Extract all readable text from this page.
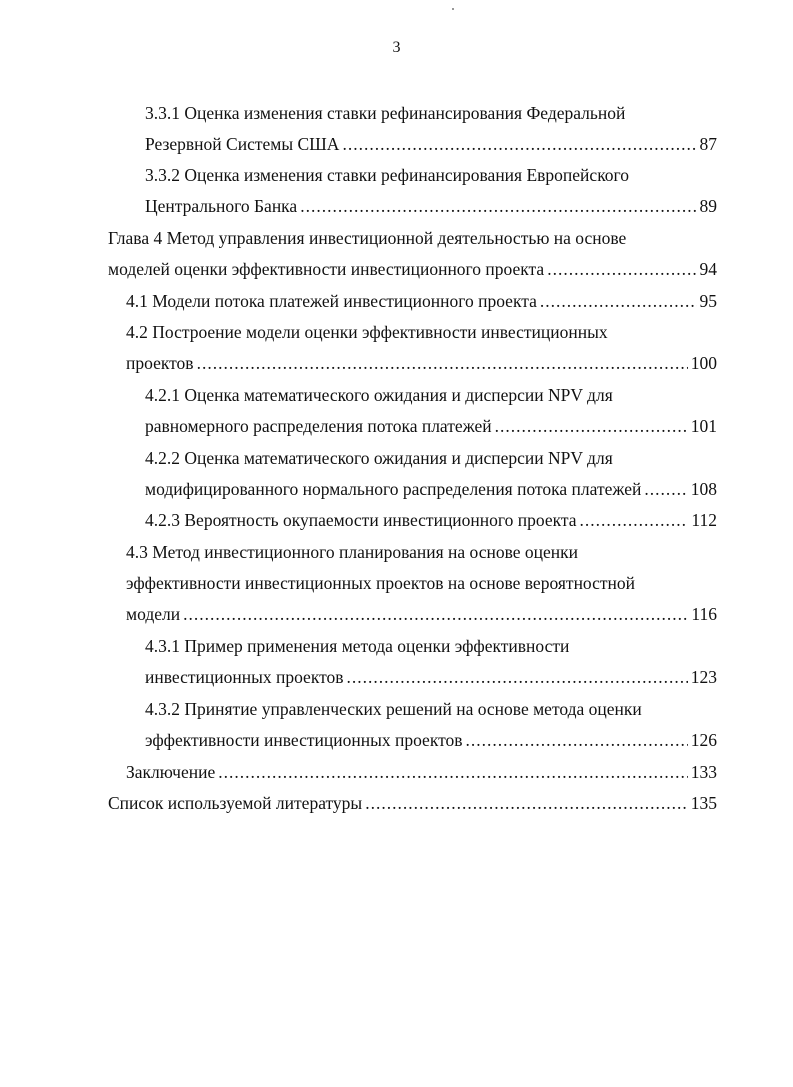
3
3.3.1 Оценка изменения ставки рефинансирования Федеральной
Резервной Системы США .....	87
3.3.2 Оценка изменения ставки рефинансирования Европейского
Центрального Банка .....	89
Глава 4 Метод управления инвестиционной деятельностью на основе
моделей оценки эффективности инвестиционного проекта .....	94
4.1 Модели потока платежей инвестиционного проекта .....	95
4.2 Построение модели оценки эффективности инвестиционных
проектов .....	100
4.2.1 Оценка математического ожидания и дисперсии NPV для
равномерного распределения потока платежей .....	101
4.2.2 Оценка математического ожидания и дисперсии NPV для
модифицированного нормального распределения потока платежей .....	108
4.2.3 Вероятность окупаемости инвестиционного проекта .....	112
4.3 Метод инвестиционного планирования на основе оценки
эффективности инвестиционных проектов на основе вероятностной
модели .....	116
4.3.1 Пример применения метода оценки эффективности
инвестиционных проектов .....	123
4.3.2 Принятие управленческих решений на основе метода оценки
эффективности инвестиционных проектов .....	126
Заключение .....	133
Список используемой литературы .....	135
